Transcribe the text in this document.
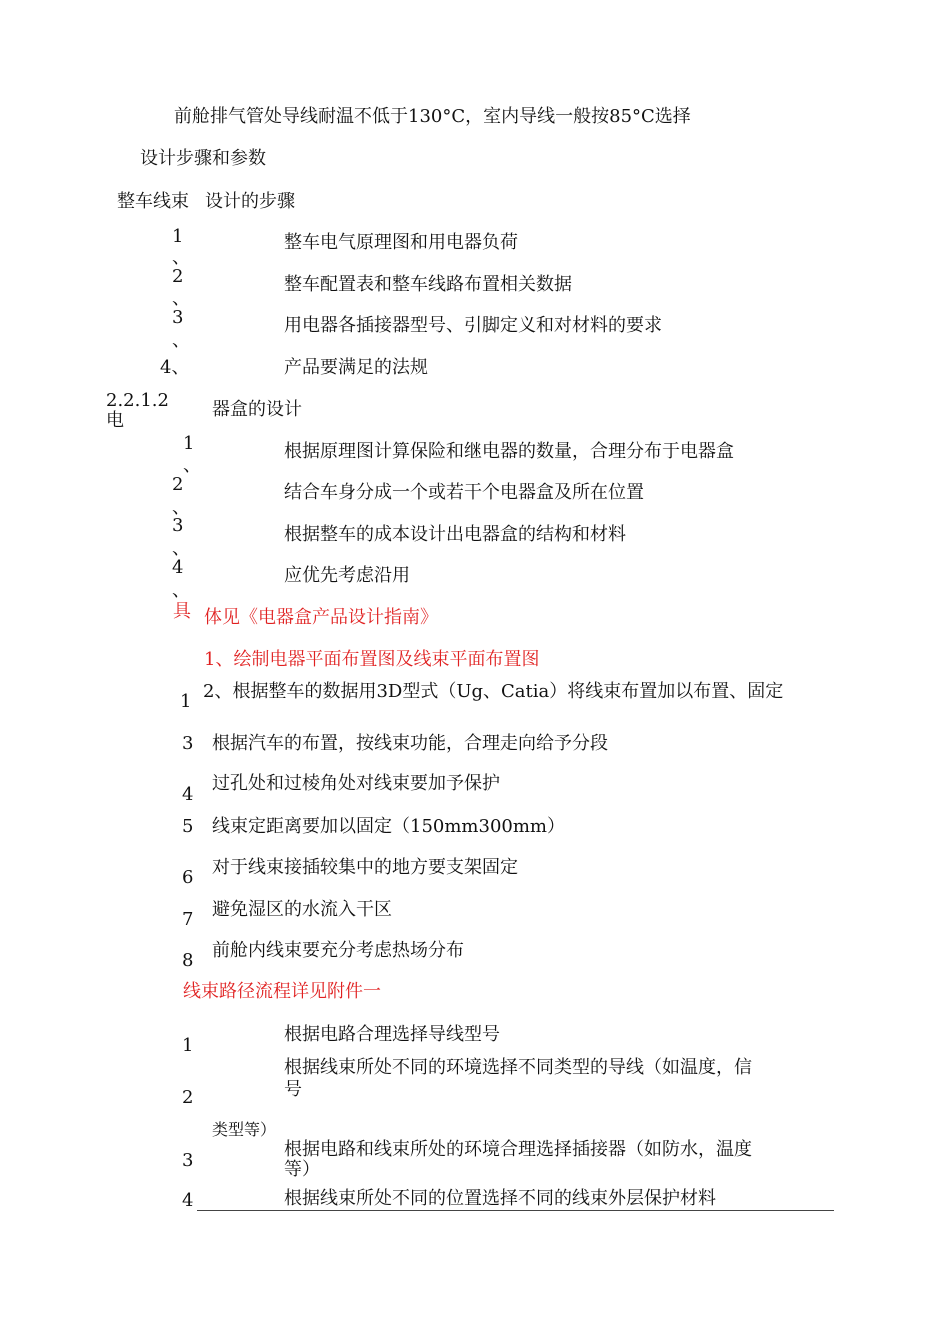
前舱排气管处导线耐温不低于130°C，室内导线一般按85°C选择
设计步骤和参数
整车线束 设计的步骤
1
、
整车电气原理图和用电器负荷
2
、
整车配置表和整车线路布置相关数据
3
、
用电器各插接器型号、引脚定义和对材料的要求
4、	产品要满足的法规
2.2.1.2电
器盒的设计
1
、
根据原理图计算保险和继电器的数量，合理分布于电器盒
2
、
结合车身分成一个或若干个电器盒及所在位置
3
、
根据整车的成本设计出电器盒的结构和材料
4
、
应优先考虑沿用
具 体见《电器盒产品设计指南》
1、绘制电器平面布置图及线束平面布置图
1 2、根据整车的数据用3D型式（Ug、Catia）将线束布置加以布置、固定
3 根据汽车的布置，按线束功能，合理走向给予分段
4
过孔处和过棱角处对线束要加予保护
5 线束定距离要加以固定（150mm300mm）
6 对于线束接插较集中的地方要支架固定
7 避免湿区的水流入干区
8 前舱内线束要充分考虑热场分布
线束路径流程详见附件一
1
根据电路合理选择导线型号
2
根据线束所处不同的环境选择不同类型的导线（如温度，信
号
类型等）
3
根据电路和线束所处的环境合理选择插接器（如防水，温度
等）
4	根据线束所处不同的位置选择不同的线束外层保护材料
